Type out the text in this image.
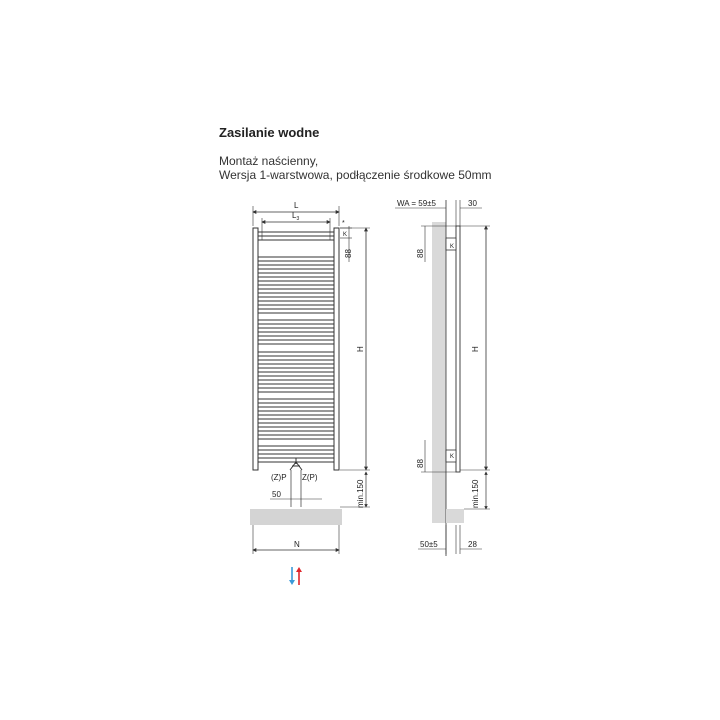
Zasilanie wodne
Montaż naścienny,
Wersja 1-warstwowa, podłączenie środkowe 50mm
L
$L_3$
*
K
88
H
(Z)P Z(P)
50	min.150
N
WA = 59±5	30
88
K
H
88
K
min.150
50±5	28
